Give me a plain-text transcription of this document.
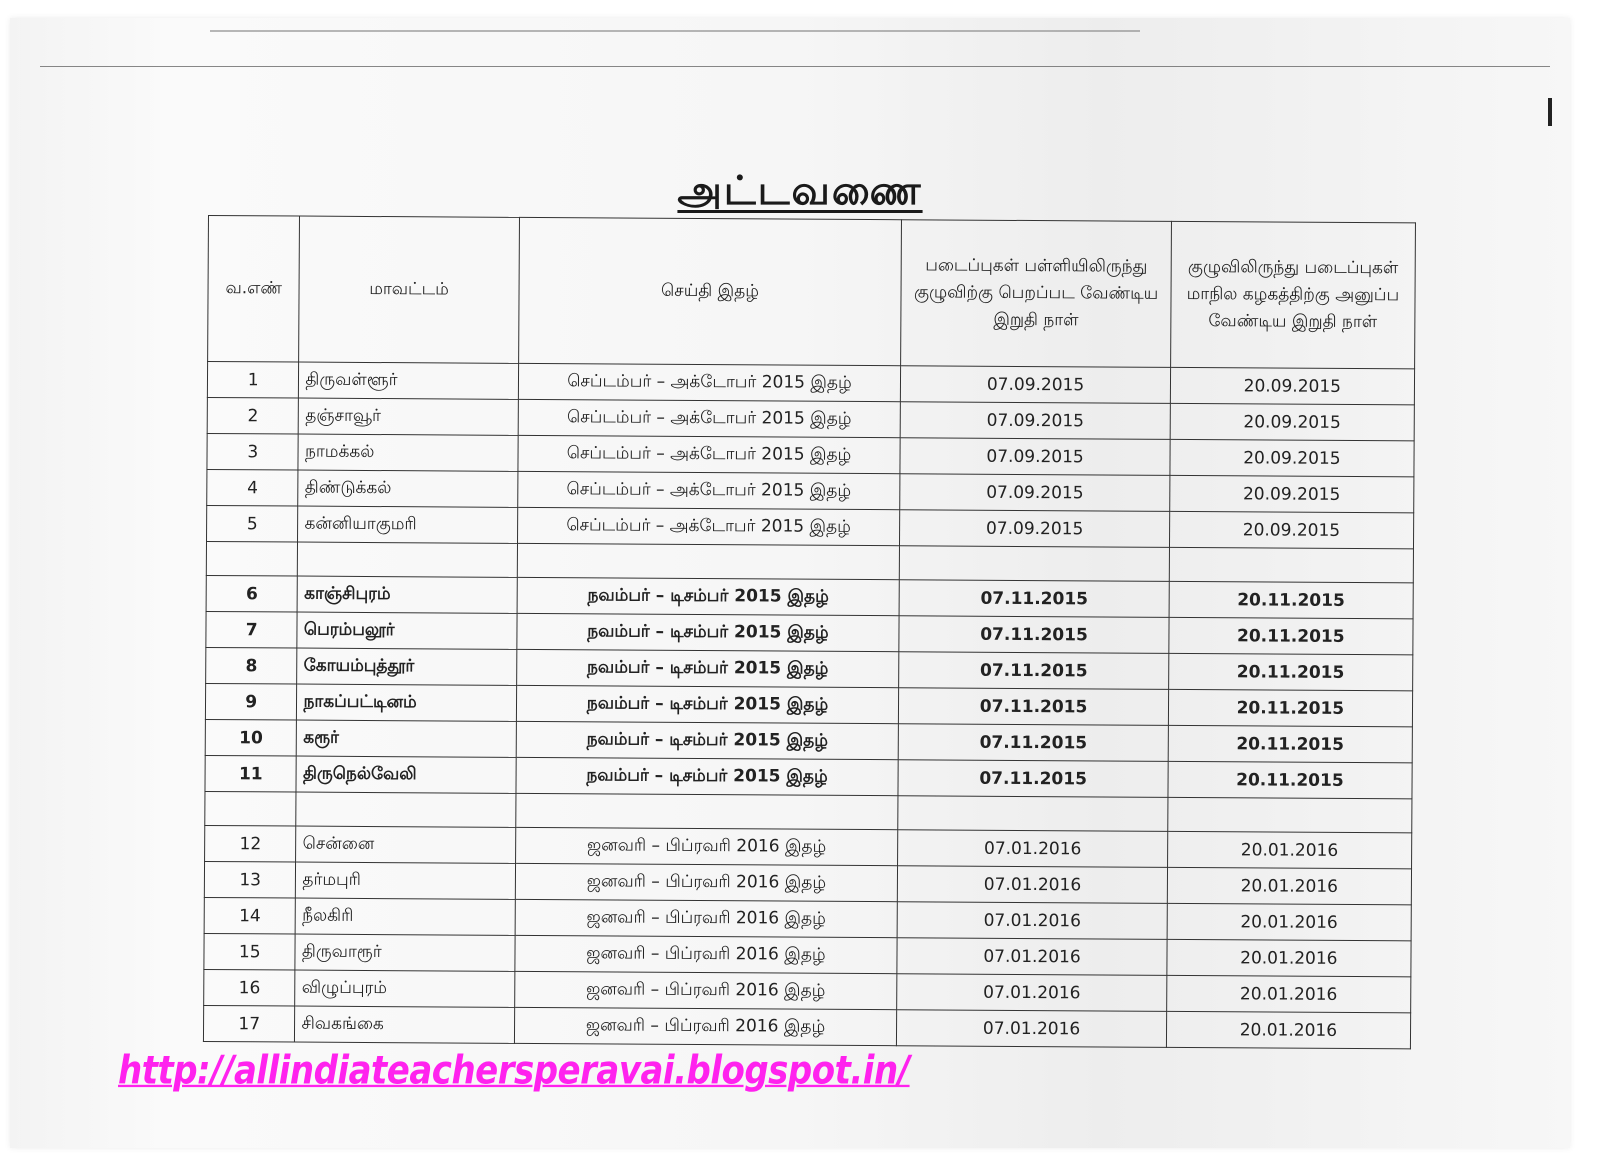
அட்டவணை
வ.எண்	மாவட்டம்	செய்தி இதழ்	படைப்புகள் பள்ளியிலிருந்து குழுவிற்கு பெறப்பட வேண்டிய இறுதி நாள்	குழுவிலிருந்து படைப்புகள் மாநில கழகத்திற்கு அனுப்ப வேண்டிய இறுதி நாள்
1	திருவள்ளூர்	செப்டம்பர் – அக்டோபர் 2015 இதழ்	07.09.2015	20.09.2015
2	தஞ்சாவூர்	செப்டம்பர் – அக்டோபர் 2015 இதழ்	07.09.2015	20.09.2015
3	நாமக்கல்	செப்டம்பர் – அக்டோபர் 2015 இதழ்	07.09.2015	20.09.2015
4	திண்டுக்கல்	செப்டம்பர் – அக்டோபர் 2015 இதழ்	07.09.2015	20.09.2015
5	கன்னியாகுமரி	செப்டம்பர் – அக்டோபர் 2015 இதழ்	07.09.2015	20.09.2015

6	காஞ்சிபுரம்	நவம்பர் – டிசம்பர் 2015 இதழ்	07.11.2015	20.11.2015
7	பெரம்பலூர்	நவம்பர் – டிசம்பர் 2015 இதழ்	07.11.2015	20.11.2015
8	கோயம்புத்தூர்	நவம்பர் – டிசம்பர் 2015 இதழ்	07.11.2015	20.11.2015
9	நாகப்பட்டினம்	நவம்பர் – டிசம்பர் 2015 இதழ்	07.11.2015	20.11.2015
10	கரூர்	நவம்பர் – டிசம்பர் 2015 இதழ்	07.11.2015	20.11.2015
11	திருநெல்வேலி	நவம்பர் – டிசம்பர் 2015 இதழ்	07.11.2015	20.11.2015

12	சென்னை	ஜனவரி – பிப்ரவரி 2016 இதழ்	07.01.2016	20.01.2016
13	தர்மபுரி	ஜனவரி – பிப்ரவரி 2016 இதழ்	07.01.2016	20.01.2016
14	நீலகிரி	ஜனவரி – பிப்ரவரி 2016 இதழ்	07.01.2016	20.01.2016
15	திருவாரூர்	ஜனவரி – பிப்ரவரி 2016 இதழ்	07.01.2016	20.01.2016
16	விழுப்புரம்	ஜனவரி – பிப்ரவரி 2016 இதழ்	07.01.2016	20.01.2016
17	சிவகங்கை	ஜனவரி – பிப்ரவரி 2016 இதழ்	07.01.2016	20.01.2016
http://allindiateachersperavai.blogspot.in/
